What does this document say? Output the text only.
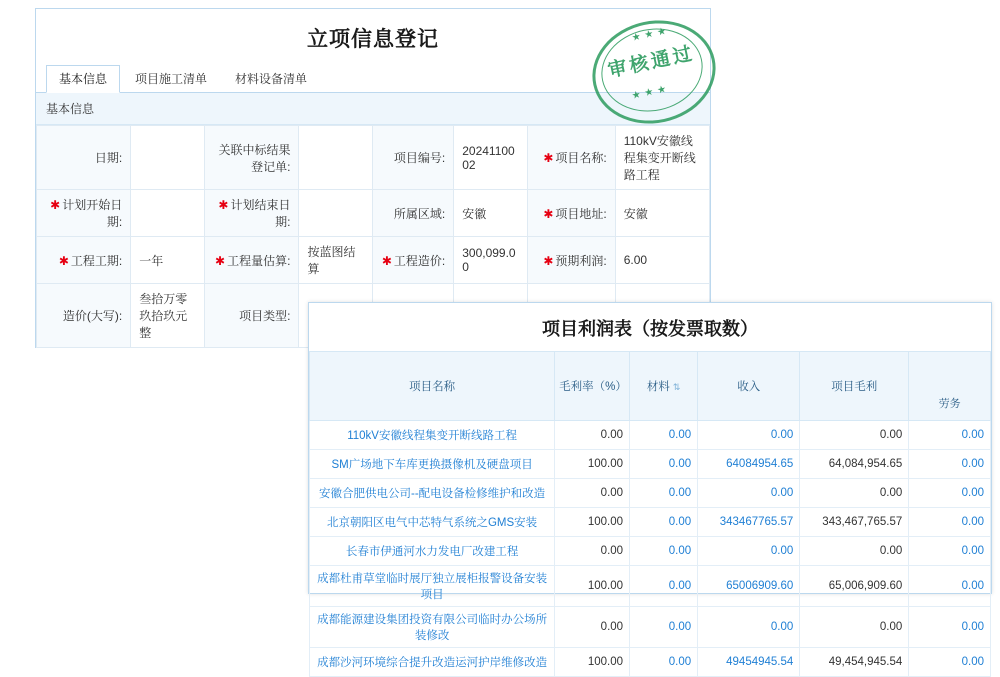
立项信息登记
基本信息	项目施工清单	材料设备清单
基本信息
日期:		关联中标结果登记单:		项目编号:	2024110002	✱ 项目名称:	110kV安徽线程集变开断线路工程
✱ 计划开始日期:		✱ 计划结束日期:		所属区域:	安徽	✱ 项目地址:	安徽
✱ 工程工期:	一年	✱ 工程量估算:	按蓝图结算	✱ 工程造价:	300,099.00	✱ 预期利润:	6.00
造价(大写):	叁拾万零玖拾玖元整	项目类型:					
★★★
审核通过
★★★
项目利润表（按发票取数）
项目名称	毛利率（%）	材料 ⇅	收入	项目毛利	
					劳务
110kV安徽线程集变开断线路工程	0.00	0.00	0.00	0.00	0.00
SM广场地下车库更换摄像机及硬盘项目	100.00	0.00	64084954.65	64,084,954.65	0.00
安徽合肥供电公司--配电设备检修维护和改造	0.00	0.00	0.00	0.00	0.00
北京朝阳区电气中芯特气系统之GMS安装	100.00	0.00	343467765.57	343,467,765.57	0.00
长春市伊通河水力发电厂改建工程	0.00	0.00	0.00	0.00	0.00
成都杜甫草堂临时展厅独立展柜报警设备安装项目	100.00	0.00	65006909.60	65,006,909.60	0.00
成都能源建设集团投资有限公司临时办公场所装修改	0.00	0.00	0.00	0.00	0.00
成都沙河环境综合提升改造运河护岸维修改造	100.00	0.00	49454945.54	49,454,945.54	0.00
